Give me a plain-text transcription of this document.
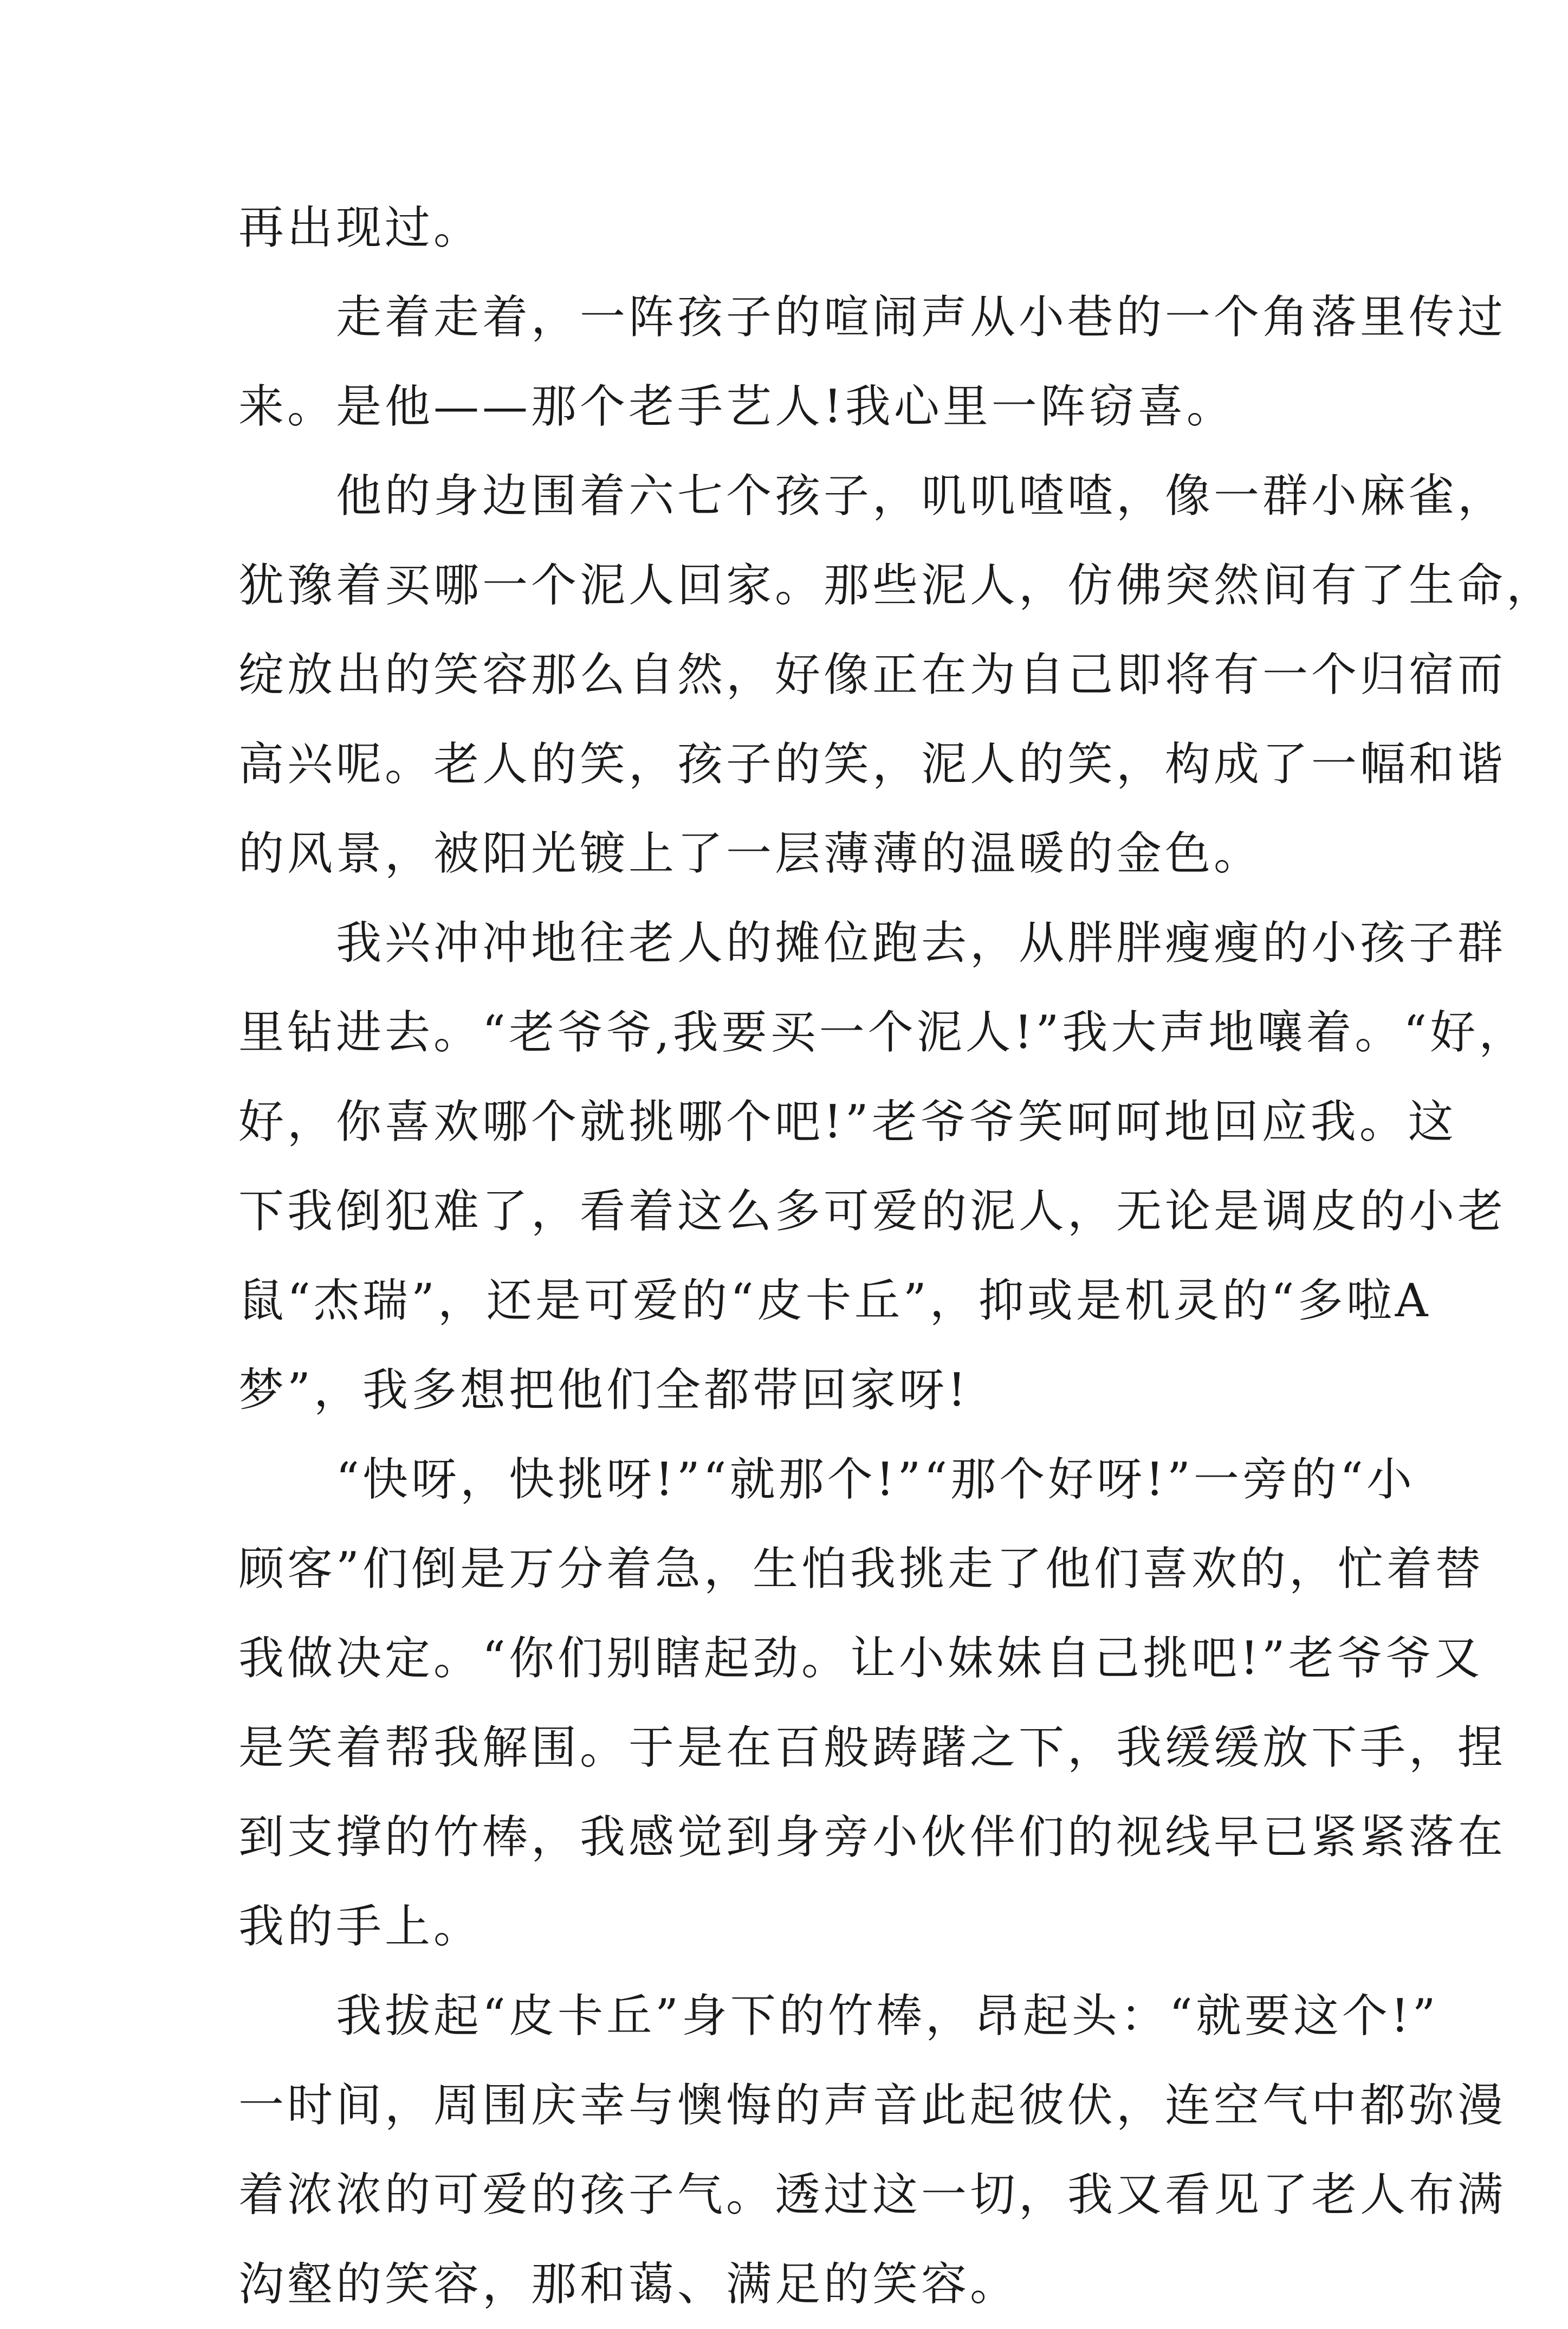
再出现过。
　　走着走着，一阵孩子的喧闹声从小巷的一个角落里传过
来。是他——那个老手艺人!我心里一阵窃喜。
　　他的身边围着六七个孩子，叽叽喳喳，像一群小麻雀，
犹豫着买哪一个泥人回家。那些泥人，仿佛突然间有了生命，
绽放出的笑容那么自然，好像正在为自己即将有一个归宿而
高兴呢。老人的笑，孩子的笑，泥人的笑，构成了一幅和谐
的风景，被阳光镀上了一层薄薄的温暖的金色。
　　我兴冲冲地往老人的摊位跑去，从胖胖瘦瘦的小孩子群
里钻进去。“老爷爷,我要买一个泥人!”我大声地嚷着。“好，
好，你喜欢哪个就挑哪个吧!”老爷爷笑呵呵地回应我。这
下我倒犯难了，看着这么多可爱的泥人，无论是调皮的小老
鼠“杰瑞”，还是可爱的“皮卡丘”，抑或是机灵的“多啦A
梦”，我多想把他们全都带回家呀!
　　“快呀，快挑呀!”“就那个!”“那个好呀!”一旁的“小
顾客”们倒是万分着急，生怕我挑走了他们喜欢的，忙着替
我做决定。“你们别瞎起劲。让小妹妹自己挑吧!”老爷爷又
是笑着帮我解围。于是在百般踌躇之下，我缓缓放下手，捏
到支撑的竹棒，我感觉到身旁小伙伴们的视线早已紧紧落在
我的手上。
　　我拔起“皮卡丘”身下的竹棒，昂起头：“就要这个!”
一时间，周围庆幸与懊悔的声音此起彼伏，连空气中都弥漫
着浓浓的可爱的孩子气。透过这一切，我又看见了老人布满
沟壑的笑容，那和蔼、满足的笑容。
